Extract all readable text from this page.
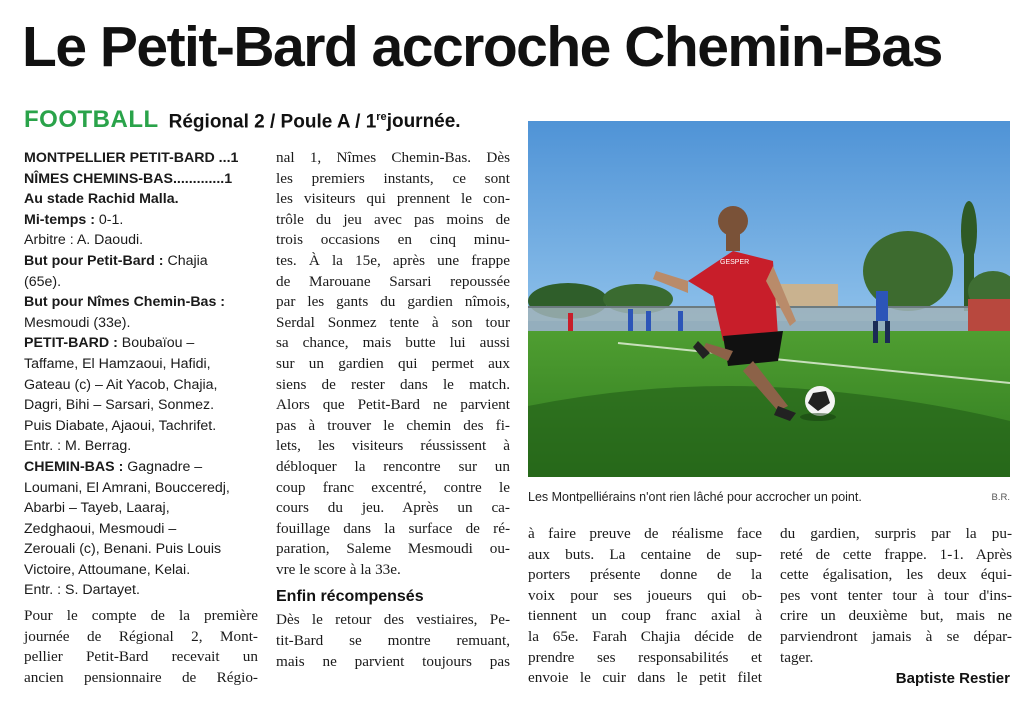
Le Petit-Bard accroche Chemin-Bas
FOOTBALL Régional 2 / Poule A / 1re journée.
MONTPELLIER PETIT-BARD ...1
NÎMES CHEMINS-BAS.............1
Au stade Rachid Malla.
Mi-temps : 0-1.
Arbitre : A. Daoudi.
But pour Petit-Bard : Chajia
(65e).
But pour Nîmes Chemin-Bas :
Mesmoudi (33e).
PETIT-BARD : Boubaïou –
Taffame, El Hamzaoui, Hafidi,
Gateau (c) – Ait Yacob, Chajia,
Dagri, Bihi – Sarsari, Sonmez.
Puis Diabate, Ajaoui, Tachrifet.
Entr. : M. Berrag.
CHEMIN-BAS : Gagnadre –
Loumani, El Amrani, Boucceredj,
Abarbi – Tayeb, Laaraj,
Zedghaoui, Mesmoudi –
Zerouali (c), Benani. Puis Louis
Victoire, Attoumane, Kelai.
Entr. : S. Dartayet.
Pour le compte de la première
journée de Régional 2, Mont-
pellier Petit-Bard recevait un
ancien pensionnaire de Régio-
nal 1, Nîmes Chemin-Bas. Dès
les premiers instants, ce sont
les visiteurs qui prennent le con-
trôle du jeu avec pas moins de
trois occasions en cinq minu-
tes. À la 15e, après une frappe
de Marouane Sarsari repoussée
par les gants du gardien nîmois,
Serdal Sonmez tente à son tour
sa chance, mais butte lui aussi
sur un gardien qui permet aux
siens de rester dans le match.
Alors que Petit-Bard ne parvient
pas à trouver le chemin des fi-
lets, les visiteurs réussissent à
débloquer la rencontre sur un
coup franc excentré, contre le
cours du jeu. Après un ca-
fouillage dans la surface de ré-
paration, Saleme Mesmoudi ou-
vre le score à la 33e.
Enfin récompensés
Dès le retour des vestiaires, Pe-
tit-Bard se montre remuant,
mais ne parvient toujours pas
GESPER
Les Montpelliérains n'ont rien lâché pour accrocher un point.	B.R.
à faire preuve de réalisme face
aux buts. La centaine de sup-
porters présente donne de la
voix pour ses joueurs qui ob-
tiennent un coup franc axial à
la 65e. Farah Chajia décide de
prendre ses responsabilités et
envoie le cuir dans le petit filet
du gardien, surpris par la pu-
reté de cette frappe. 1-1. Après
cette égalisation, les deux équi-
pes vont tenter tour à tour d'ins-
crire un deuxième but, mais ne
parviendront jamais à se dépar-
tager.
Baptiste Restier
